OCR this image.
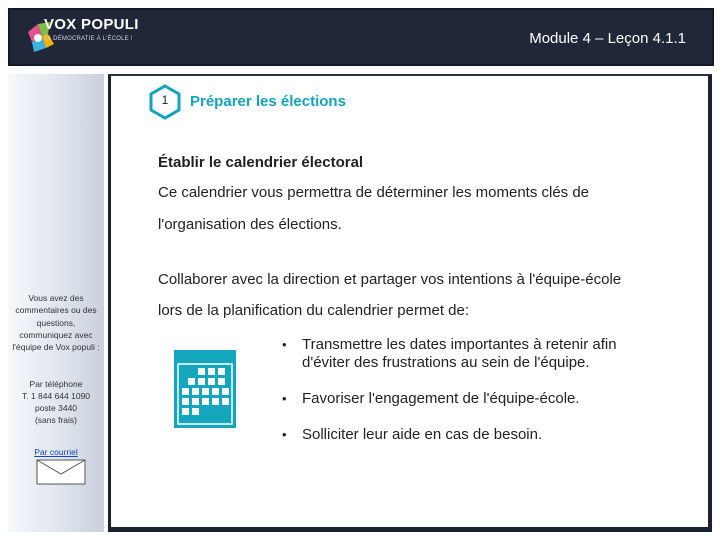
VOX POPULI
TA DÉMOCRATIE À L'ÉCOLE !	Module 4 – Leçon 4.1.1
Vous avez des commentaires ou des questions, communiquez avec l'équipe de Vox populi :
Par téléphone
T. 1 844 644 1090
poste 3440
(sans frais)
Par courriel
1	Préparer les élections
Établir le calendrier électoral
Ce calendrier vous permettra de déterminer les moments clés de
l'organisation des élections.
Collaborer avec la direction et partager vos intentions à l'équipe-école
lors de la planification du calendrier permet de:
• Transmettre les dates importantes à retenir afin d'éviter des frustrations au sein de l'équipe.
• Favoriser l'engagement de l'équipe-école.
• Solliciter leur aide en cas de besoin.
